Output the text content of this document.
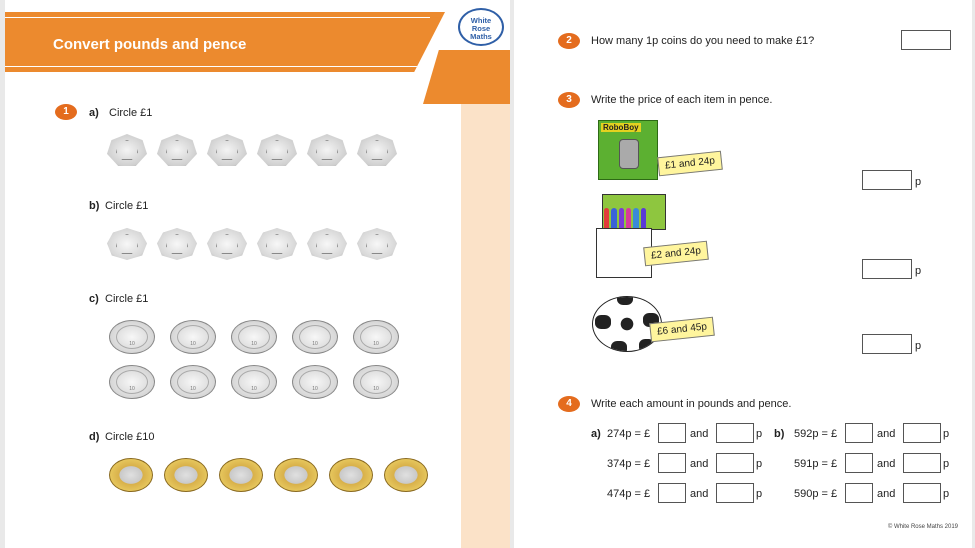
Convert pounds and pence
White
Rose
Maths
1	a) Circle £1
b) Circle £1
c) Circle £1
10	10	10	10	10
10	10	10	10	10
d) Circle £10
2	How many 1p coins do you need to make £1?
3	Write the price of each item in pence.
RoboBoy
£1 and 24p
p
£2 and 24p
p
£6 and 45p
p
4	Write each amount in pounds and pence.
a)	b)
274p = £	and	p
374p = £	and	p
474p = £	and	p
592p = £	and	p
591p = £	and	p
590p = £	and	p
© White Rose Maths 2019
